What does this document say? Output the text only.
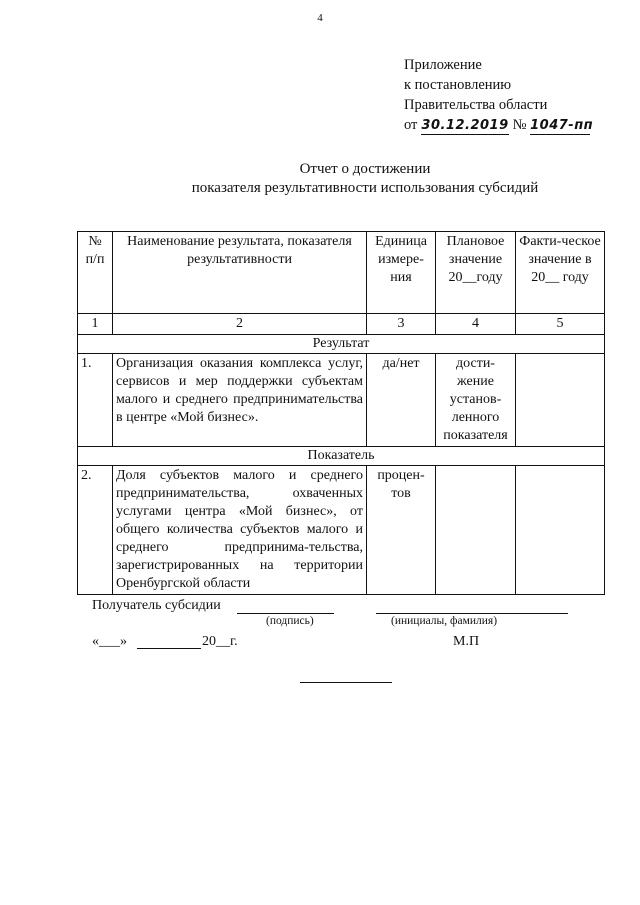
4
Приложение
к постановлению
Правительства области
от 30.12.2019 № 1047-пп
Отчет о достижении
показателя результативности использования субсидий
№ п/п	Наименование результата, показателя результативности	Единица измере-ния	Плановое значение 20__году	Факти-ческое значение в 20__ году
1	2	3	4	5
Результат				
1.	Организация оказания комплекса услуг, сервисов и мер поддержки субъектам малого и среднего предпринимательства в центре «Мой бизнес».	да/нет	дости-жение установ-ленного показателя	
Показатель				
2.	Доля субъектов малого и среднего предпринимательства, охваченных услугами центра «Мой бизнес», от общего количества субъектов малого и среднего предпринима-тельства, зарегистрированных на территории Оренбургской области	процен-тов		
Получатель субсидии
(подпись)	(инициалы, фамилия)
«___»	20__г.	М.П
